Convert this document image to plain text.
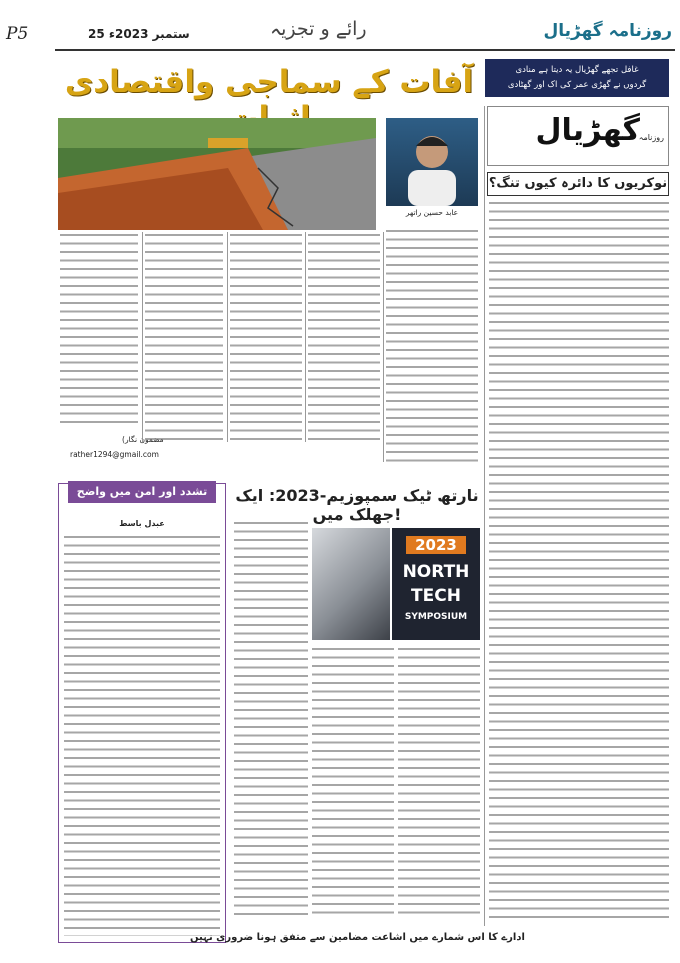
P5	25 ستمبر 2023ء	رائے و تجزیہ	روزنامہ گھڑیال
غافل تجھے گھڑیال یہ دیتا ہے منادی
گردوں نے گھڑی عمر کی اک اور گھٹادی
آفات کے سماجی واقتصادی
عابد حسین راتھر
گھڑیال
روزنامہ
نوکریوں کا دائرہ کیوں تنگ؟
(مضمون نگار
rather1294@gmail.com
تشدد اور امن میں واضح فرق
عبدل باسط
نارتھ ٹیک سمپوزیم-2023: ایک جھلک میں!
2023
NORTH
TECH
SYMPOSIUM
ادارے کا اس شمارے میں اشاعت مضامین سے متفق ہونا ضروری نہیں
